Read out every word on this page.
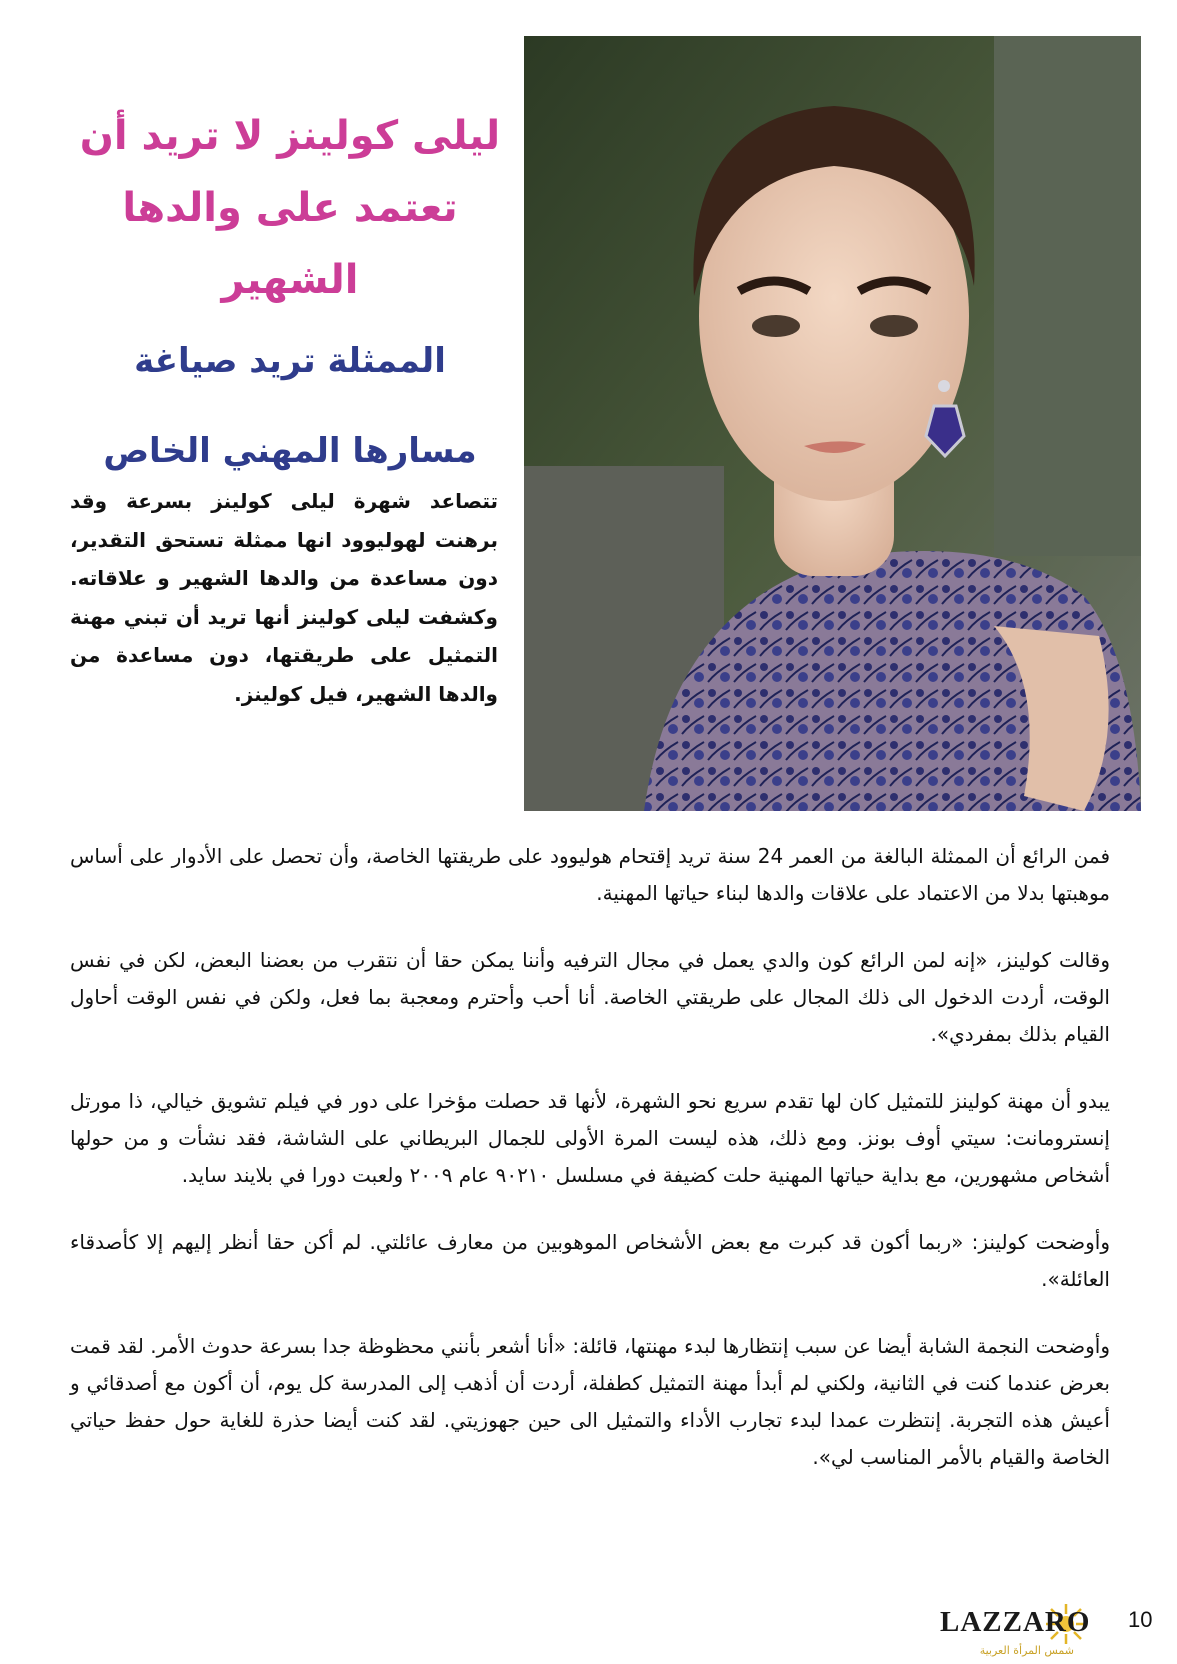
ليلى كولينز لا تريد أن
تعتمد على والدها الشهير
الممثلة تريد صياغة
مسارها المهني الخاص
تتصاعد شهرة ليلى كولينز بسرعة وقد برهنت لهوليوود انها ممثلة تستحق التقدير، دون مساعدة من والدها الشهير و علاقاته. وكشفت ليلى كولينز أنها تريد أن تبني مهنة التمثيل على طريقتها، دون مساعدة من والدها الشهير، فيل كولينز.

فمن الرائع أن الممثلة البالغة من العمر 24 سنة تريد إقتحام هوليوود على طريقتها الخاصة، وأن تحصل على الأدوار على أساس موهبتها بدلا من الاعتماد على علاقات والدها لبناء حياتها المهنية.

وقالت كولينز، «إنه لمن الرائع كون والدي يعمل في مجال الترفيه وأننا يمكن حقا أن نتقرب من بعضنا البعض، لكن في نفس الوقت، أردت الدخول الى ذلك المجال على طريقتي الخاصة. أنا أحب وأحترم ومعجبة بما فعل، ولكن في نفس الوقت أحاول القيام بذلك بمفردي».

يبدو أن مهنة كولينز للتمثيل كان لها تقدم سريع نحو الشهرة، لأنها قد حصلت مؤخرا على دور في فيلم تشويق خيالي، ذا مورتل إنسترومانت: سيتي أوف بونز. ومع ذلك، هذه ليست المرة الأولى للجمال البريطاني على الشاشة، فقد نشأت و من حولها أشخاص مشهورين، مع بداية حياتها المهنية حلت كضيفة في مسلسل ٩٠٢١٠ عام ٢٠٠٩ ولعبت دورا في بلايند سايد.

وأوضحت كولينز: «ربما أكون قد كبرت مع بعض الأشخاص الموهوبين من معارف عائلتي. لم أكن حقا أنظر إليهم إلا كأصدقاء العائلة».

وأوضحت النجمة الشابة أيضا عن سبب إنتظارها لبدء مهنتها، قائلة: «أنا أشعر بأنني محظوظة جدا بسرعة حدوث الأمر. لقد قمت بعرض عندما كنت في الثانية، ولكني لم أبدأ مهنة التمثيل كطفلة، أردت أن أذهب إلى المدرسة كل يوم، أن أكون مع أصدقائي و أعيش هذه التجربة. إنتظرت عمدا لبدء تجارب الأداء والتمثيل الى حين جهوزيتي. لقد كنت أيضا حذرة للغاية حول حفظ حياتي الخاصة والقيام بالأمر المناسب لي».

LAZZARO
شمس المرأة العربية
10
